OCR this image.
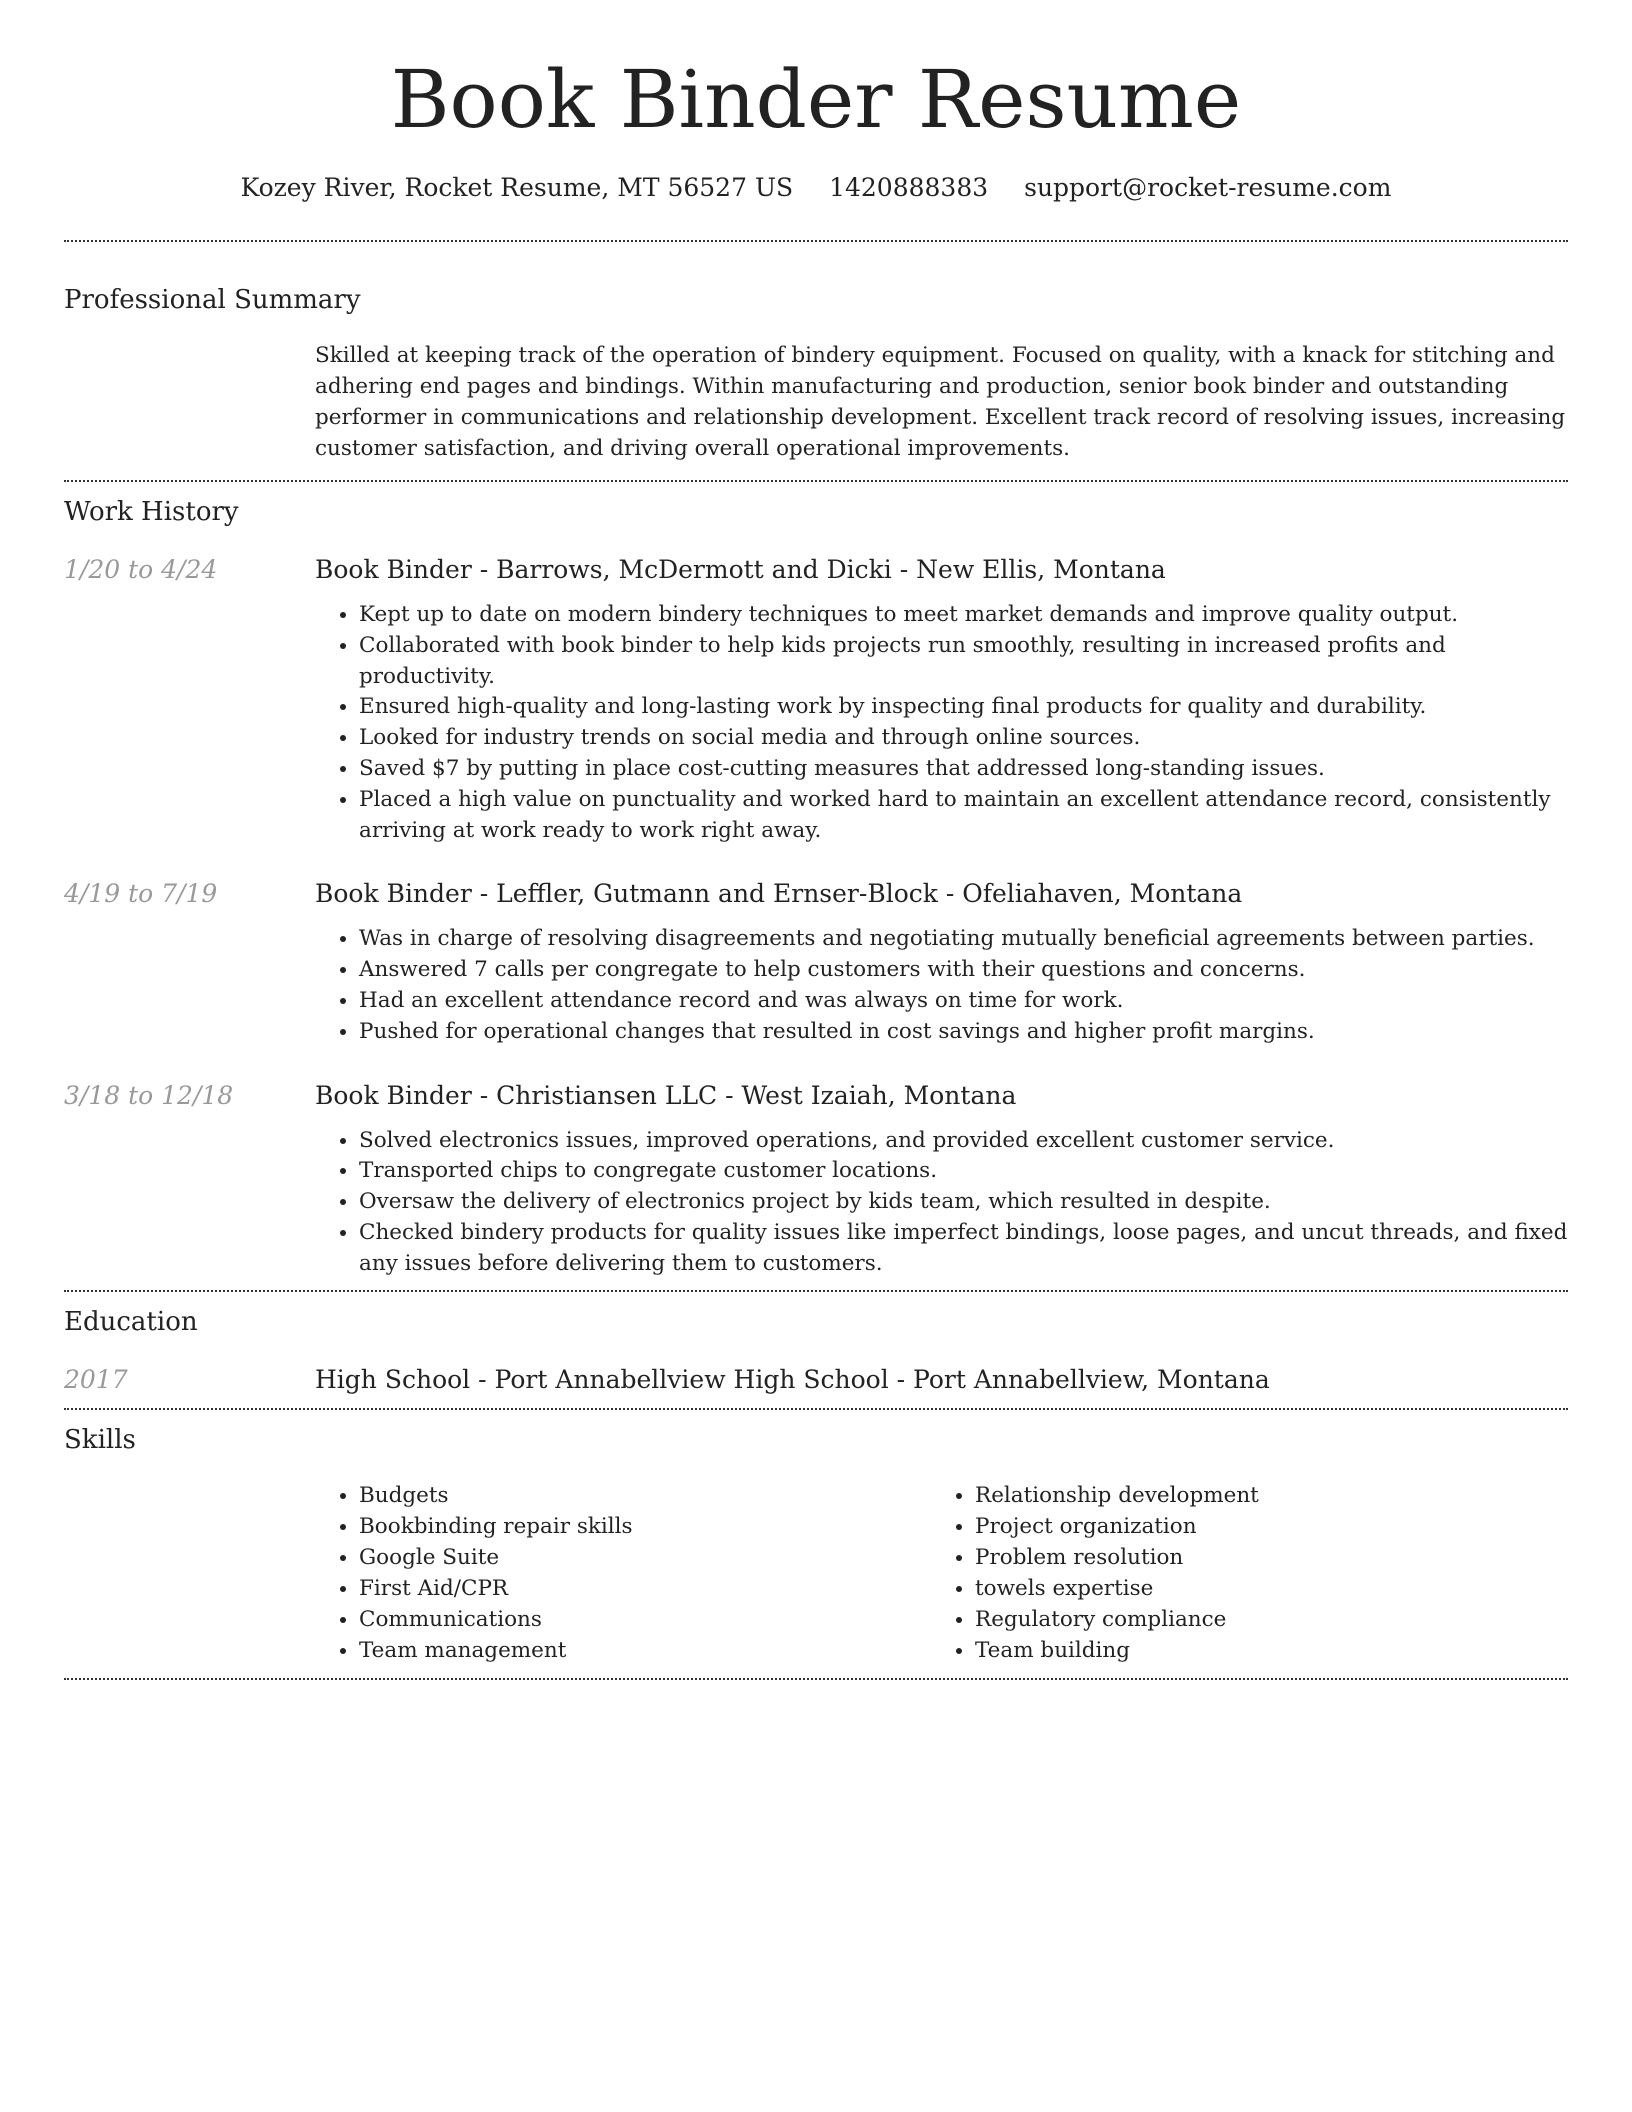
Book Binder Resume
Kozey River, Rocket Resume, MT 56527 US 1420888383 support@rocket-resume.com
Professional Summary
Skilled at keeping track of the operation of bindery equipment. Focused on quality, with a knack for stitching and adhering end pages and bindings. Within manufacturing and production, senior book binder and outstanding performer in communications and relationship development. Excellent track record of resolving issues, increasing customer satisfaction, and driving overall operational improvements.
Work History
1/20 to 4/24	Book Binder - Barrows, McDermott and Dicki - New Ellis, Montana
• Kept up to date on modern bindery techniques to meet market demands and improve quality output.
• Collaborated with book binder to help kids projects run smoothly, resulting in increased profits and productivity.
• Ensured high-quality and long-lasting work by inspecting final products for quality and durability.
• Looked for industry trends on social media and through online sources.
• Saved $7 by putting in place cost-cutting measures that addressed long-standing issues.
• Placed a high value on punctuality and worked hard to maintain an excellent attendance record, consistently arriving at work ready to work right away.
4/19 to 7/19	Book Binder - Leffler, Gutmann and Ernser-Block - Ofeliahaven, Montana
• Was in charge of resolving disagreements and negotiating mutually beneficial agreements between parties.
• Answered 7 calls per congregate to help customers with their questions and concerns.
• Had an excellent attendance record and was always on time for work.
• Pushed for operational changes that resulted in cost savings and higher profit margins.
3/18 to 12/18	Book Binder - Christiansen LLC - West Izaiah, Montana
• Solved electronics issues, improved operations, and provided excellent customer service.
• Transported chips to congregate customer locations.
• Oversaw the delivery of electronics project by kids team, which resulted in despite.
• Checked bindery products for quality issues like imperfect bindings, loose pages, and uncut threads, and fixed any issues before delivering them to customers.
Education
2017	High School - Port Annabellview High School - Port Annabellview, Montana
Skills
• Budgets
• Bookbinding repair skills
• Google Suite
• First Aid/CPR
• Communications
• Team management
• Relationship development
• Project organization
• Problem resolution
• towels expertise
• Regulatory compliance
• Team building
